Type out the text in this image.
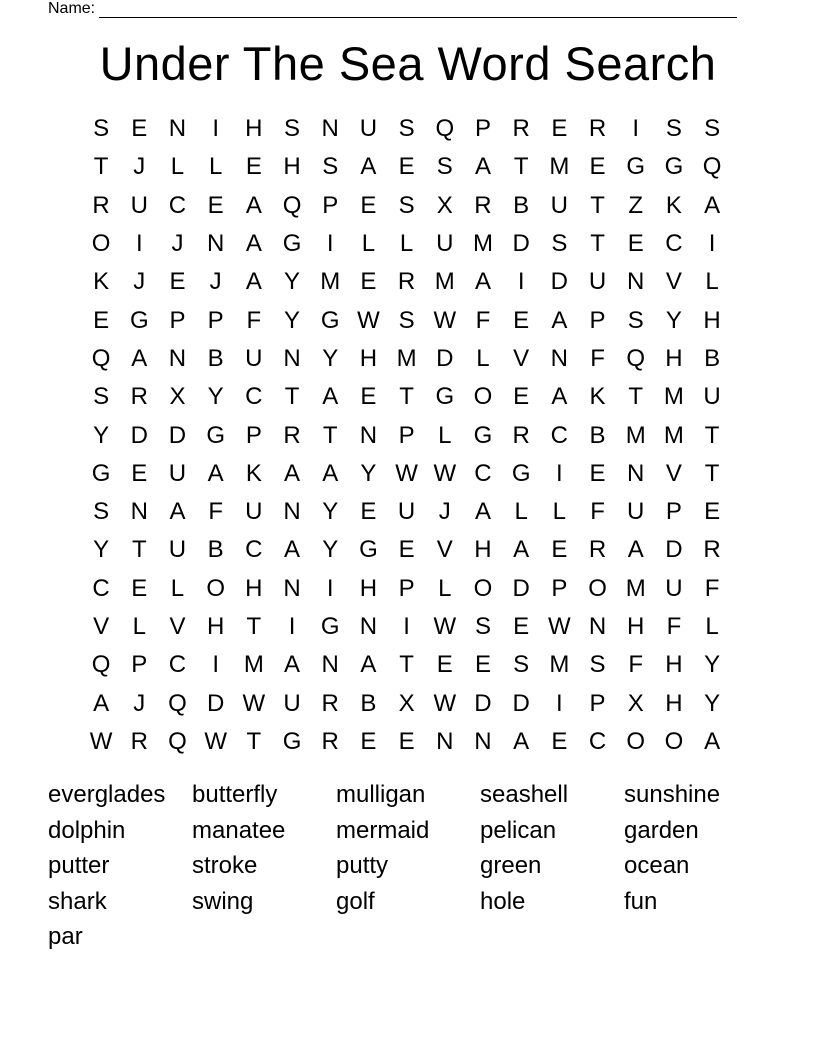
Name:
Under The Sea Word Search
S E N	I	H S N U S Q P R E R	I	S S
T	J	L	L E H S A E S A T M E G G Q
R U C E A Q P E S X R B U T Z K A
O	I	J N A G	I	L	L U M D S T E C	I
K	J	E	J	A Y M E R M A	I	D U N V L
E G P P F Y G W S W F E A P S Y H
Q A N B U N Y H M D L V N F Q H B
S R X Y C T A E T G O E A K T M U
Y D D G P R T N P L G R C B M M T
G E U A K A A Y W W C G	I	E N V T
S N A F U N Y E U J	A L	L	F U P E
Y T U B C A Y G E V H A E R A D R
C E L O H N	I	H P L O D P O M U F
V L V H T	I	G N	I W S E W N H F	L
Q P C	I	M A N A T E E S M S F H Y
A	J Q D W U R B X W D D	I	P X H Y
W R Q W T G R E E N N A E C O O A
everglades	butterfly	mulligan	seashell	sunshine
dolphin	manatee	mermaid	pelican	garden
putter	stroke	putty	green	ocean
shark	swing	golf	hole	fun
par
